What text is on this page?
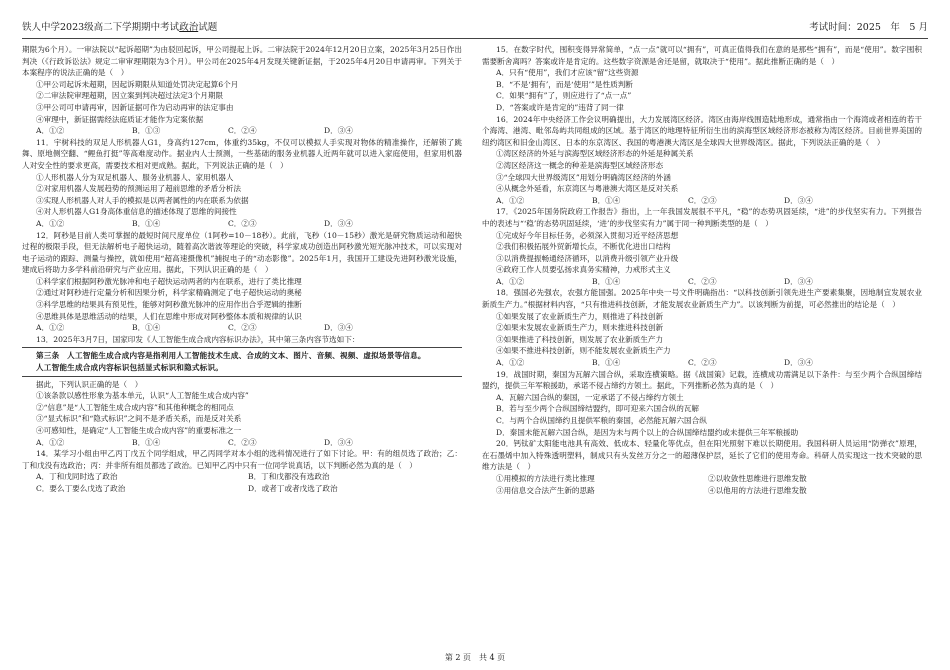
铁人中学2023级高二下学期期中考试政治试题	考试时间：2025　年　5 月

期限为6个月）。一审法院以“起诉超期”为由驳回起诉，甲公司提起上诉。二审法院于2024年12月20日立案，2025年3月25日作出判决（《行政诉讼法》规定二审审理期限为3个月）。甲公司在2025年4月发现关键新证据，于2025年4月20日申请再审。下列关于本案程序的说法正确的是（　）

①甲公司起诉未超期，因起诉期限从知道处罚决定起算6个月

②二审法院审理超期，因立案到判决超过法定3个月期限

③甲公司可申请再审，因新证据可作为启动再审的法定事由

④审理中，新证据需经法庭质证才能作为定案依据

A．①②	B．①③	C．②④	D．③④

11．宇树科技的双足人形机器人G1，身高约127cm，体重约35kg，不仅可以模拟人手实现对物体的精准操作，还解锁了跳舞、原地侧空翻、“鲤鱼打挺”等高难度动作。据业内人士预测，一些基础的服务业机器人近两年就可以进入家庭使用，但家用机器人对安全性的要求更高，需要技术相对更成熟。据此，下列说法正确的是（　）

①人形机器人分为双足机器人、服务业机器人、家用机器人

②对家用机器人发展趋势的预测运用了超前思维的矛盾分析法

③实现人形机器人对人手的模拟是以两者属性的内在联系为依据

④对人形机器人G1身高体重信息的描述体现了思维的间接性

A．①②	B．①④	C．②③	D．③④

12．阿秒是目前人类可掌握的最短时间尺度单位（1阿秒=10－18秒）。此前，飞秒（10－15秒）激光是研究物质运动和超快过程的极限手段，但无法解析电子超快运动，随着高次谐波等理论的突破，科学家成功创造出阿秒激光短光脉冲技术，可以实现对电子运动的跟踪、测量与操控，就如使用“超高速摄像机”捕捉电子的“动态影像”。2025年1月，我国开工建设先进阿秒激光设施，建成后将助力多学科前沿研究与产业应用。据此，下列认识正确的是（　）

①科学家们根据阿秒激光脉冲和电子超快运动两者的内在联系，进行了类比推理

②通过对阿秒进行定量分析和因果分析，科学家精确测定了电子超快运动的奥秘

③科学思维的结果具有预见性，能够对阿秒激光脉冲的应用作出合乎逻辑的推断

④思维具体是思维活动的结果，人们在思维中形成对阿秒整体本质和规律的认识

A．①②	B．①④	C．②③	D．③④

13．2025年3月7日，国家印发《人工智能生成合成内容标识办法》，其中第三条内容节选如下：

第三条　人工智能生成合成内容是指利用人工智能技术生成、合成的文本、图片、音频、视频、虚拟场景等信息。

人工智能生成合成内容标识包括显式标识和隐式标识。

据此，下列认识正确的是（　）

①该条款以感性形象为基本单元，认识“人工智能生成合成内容”

②“信息”是“人工智能生成合成内容”和其他种概念的相同点

③“显式标识”和“隐式标识”之间不是矛盾关系，而是反对关系

④可感知性，是确定“人工智能生成合成内容”的重要标准之一

A．①②	B．①④	C．②③	D．③④

14．某学习小组由甲乙丙丁戊五个同学组成，甲乙丙同学对本小组的选科情况进行了如下讨论。甲：有的组员选了政治；乙：丁和戊没有选政治；丙：并非所有组员都选了政治。已知甲乙丙中只有一位同学说真话，以下判断必然为真的是（　）

A．丁和戊同时选了政治	B．丁和戊都没有选政治

C．要么丁要么戊选了政治	D．或者丁或者戊选了政治

15．在数字时代，囤积变得异常简单，“点一点”就可以“拥有”，可真正值得我们在意的是那些“拥有”，而是“使用”。数字囤积需要断舍离吗？答案或许是肯定的。这些数字资源是舍还是留，就取决于“使用”。据此推断正确的是（　）

A．只有“使用”，我们才应该“留”这些资源

B．“不是‘拥有’，而是‘使用’”是性质判断

C．如果“拥有”了，则应进行了“点一点”

D．“答案或许是肯定的”违背了同一律

16．2024年中央经济工作会议明确提出，大力发展湾区经济。湾区由海岸线围造陆地形成，通常指由一个海湾或者相连的若干个海湾、港湾、毗邻岛屿共同组成的区域。基于湾区的地理特征所衍生出的滨海型区域经济形态被称为湾区经济。目前世界美国的纽约湾区和旧金山湾区、日本的东京湾区、我国的粤港澳大湾区是全球四大世界级湾区。据此，下列说法正确的是（　）

①湾区经济的外延与滨海型区域经济形态的外延是种属关系

②湾区经济这一概念的种差是滨海型区域经济形态

③“全球四大世界级湾区”用划分明确湾区经济的外涵

④从概念外延看，东京湾区与粤港澳大湾区是反对关系

A．①②	B．①④	C．②③	D．③④

17．《2025年国务院政府工作报告》指出，上一年我国发展很不平凡，“稳”的态势巩固延续，“进”的步伐坚实有力。下列报告中的表述与“‘稳’的态势巩固延续，‘进’的步伐坚实有力”属于同一种判断类型的是（　）

①完成好今年目标任务，必须深入贯彻习近平经济思想

②我们积极拓展外贸新增长点，不断优化进出口结构

③以消费提振畅通经济循环，以消费升级引领产业升级

④政府工作人员要弘扬求真务实精神，力戒形式主义

A．①②	B．①④	C．②③	D．③④

18．强国必先强农，农强方能国强。2025年中央一号文件明确指出：“以科技创新引领先进生产要素集聚，因地制宜发展农业新质生产力。”根据材料内容，“只有推进科技创新，才能发展农业新质生产力”。以该判断为前提，可必然推出的结论是（　）

①如果发展了农业新质生产力，则推进了科技创新

②如果未发展农业新质生产力，则未推进科技创新

③如果推进了科技创新，则发展了农业新质生产力

④如果不推进科技创新，则不能发展农业新质生产力

A．①②	B．①④	C．②③	D．③④

19．战国时期，秦国为瓦解六国合纵，采取连横策略。据《战国策》记载，连横成功需满足以下条件：与至少两个合纵国缔结盟约，提供三年军粮援助，承诺不侵占缔约方领土。据此，下列推断必然为真的是（　）

A．瓦解六国合纵的秦国，一定承诺了不侵占缔约方领土

B．若与至少两个合纵国缔结盟约，即可迎来六国合纵的瓦解

C．与两个合纵国缔约且提供军粮的秦国，必然能瓦解六国合纵

D．秦国未能瓦解六国合纵，是因为未与两个以上的合纵国缔结盟约或未提供三年军粮援助

20．钙钛矿太阳能电池具有高效、低成本、轻量化等优点，但在阳光照射下难以长期使用。我国科研人员运用“防弹衣”原理，在石墨烯中加入特殊透明塑料，制成只有头发丝万分之一的超薄保护层，延长了它们的使用寿命。科研人员实现这一技术突破的思维方法是（　）

①用模拟的方法进行类比推理	②以收敛性思维进行思维发散

③用信息交合法产生新的思路	④以他用的方法进行思维发散

第 2 页　共 4 页
